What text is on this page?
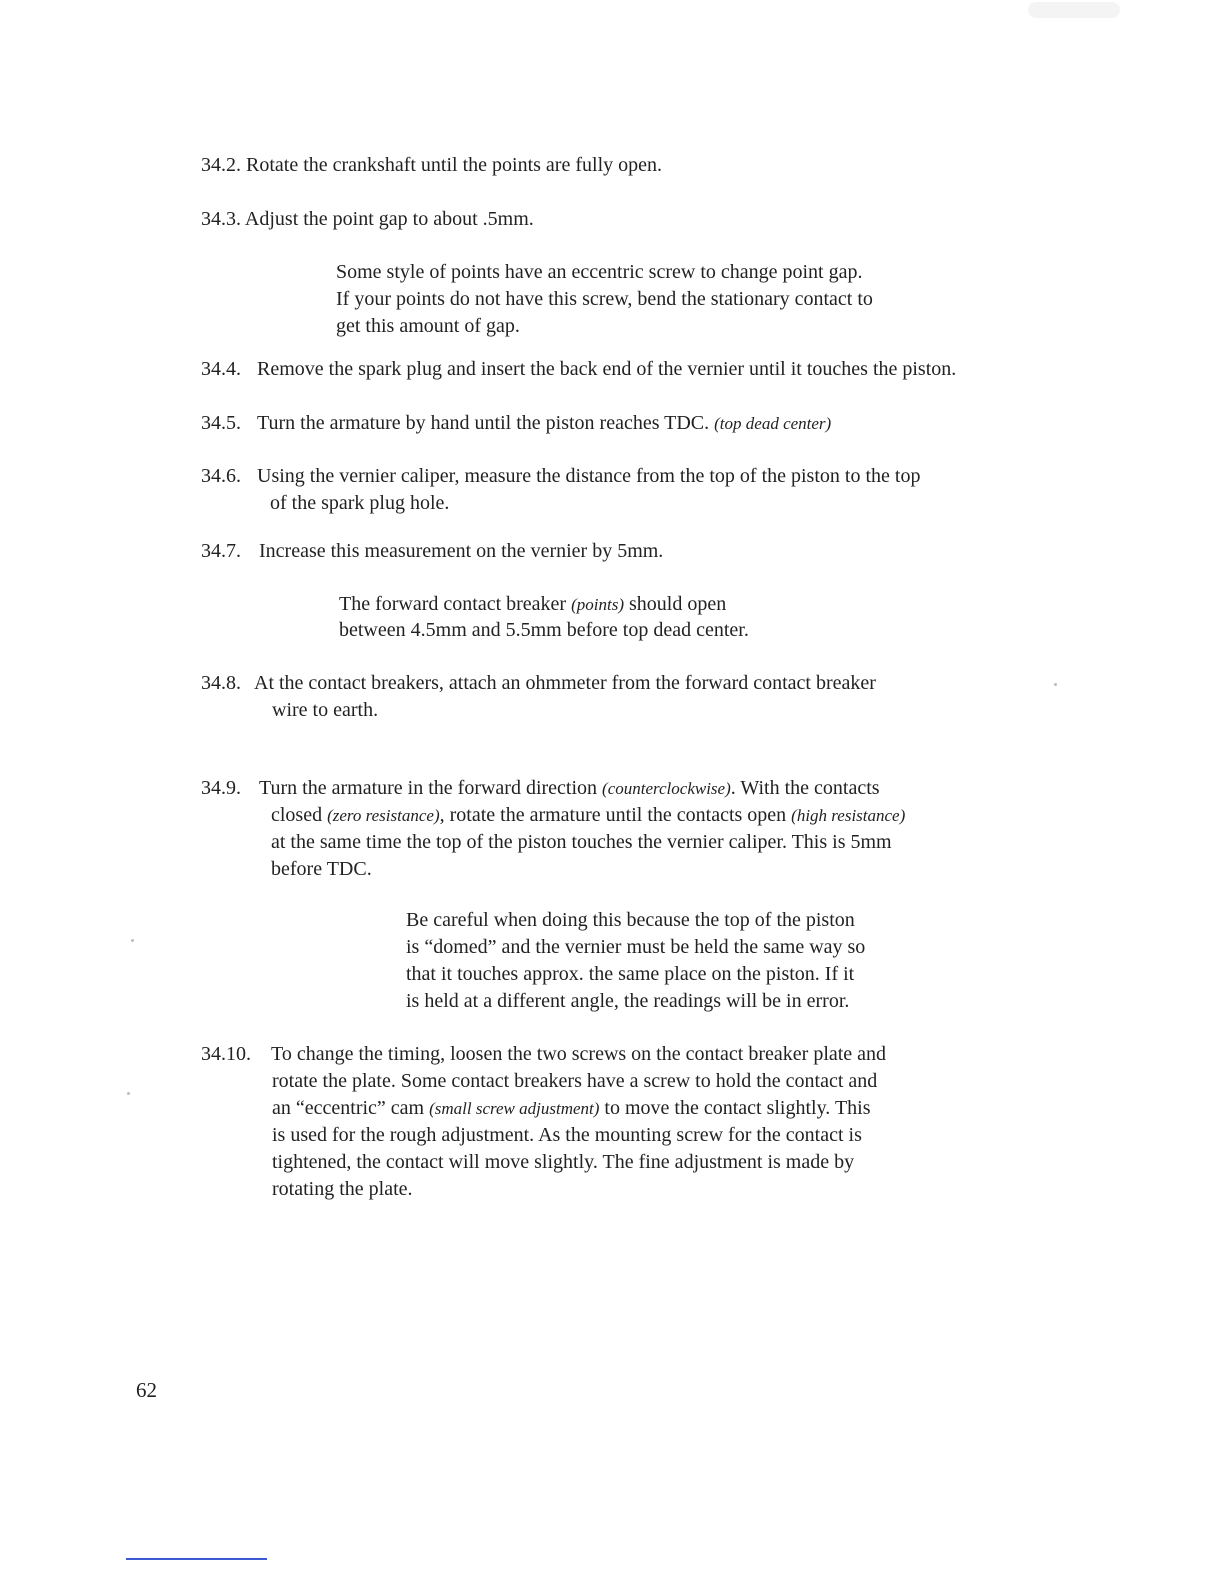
34.2. Rotate the crankshaft until the points are fully open.
34.3. Adjust the point gap to about .5mm.
Some style of points have an eccentric screw to change point gap.
If your points do not have this screw, bend the stationary contact to
get this amount of gap.
34.4. Remove the spark plug and insert the back end of the vernier until it touches the piston.
34.5. Turn the armature by hand until the piston reaches TDC. (top dead center)
34.6. Using the vernier caliper, measure the distance from the top of the piston to the top
of the spark plug hole.
34.7. Increase this measurement on the vernier by 5mm.
The forward contact breaker (points) should open
between 4.5mm and 5.5mm before top dead center.
34.8. At the contact breakers, attach an ohmmeter from the forward contact breaker
wire to earth.
34.9. Turn the armature in the forward direction (counterclockwise). With the contacts
closed (zero resistance), rotate the armature until the contacts open (high resistance)
at the same time the top of the piston touches the vernier caliper. This is 5mm
before TDC.
Be careful when doing this because the top of the piston
is “domed” and the vernier must be held the same way so
that it touches approx. the same place on the piston. If it
is held at a different angle, the readings will be in error.
34.10. To change the timing, loosen the two screws on the contact breaker plate and
rotate the plate. Some contact breakers have a screw to hold the contact and
an “eccentric” cam (small screw adjustment) to move the contact slightly. This
is used for the rough adjustment. As the mounting screw for the contact is
tightened, the contact will move slightly. The fine adjustment is made by
rotating the plate.
62
